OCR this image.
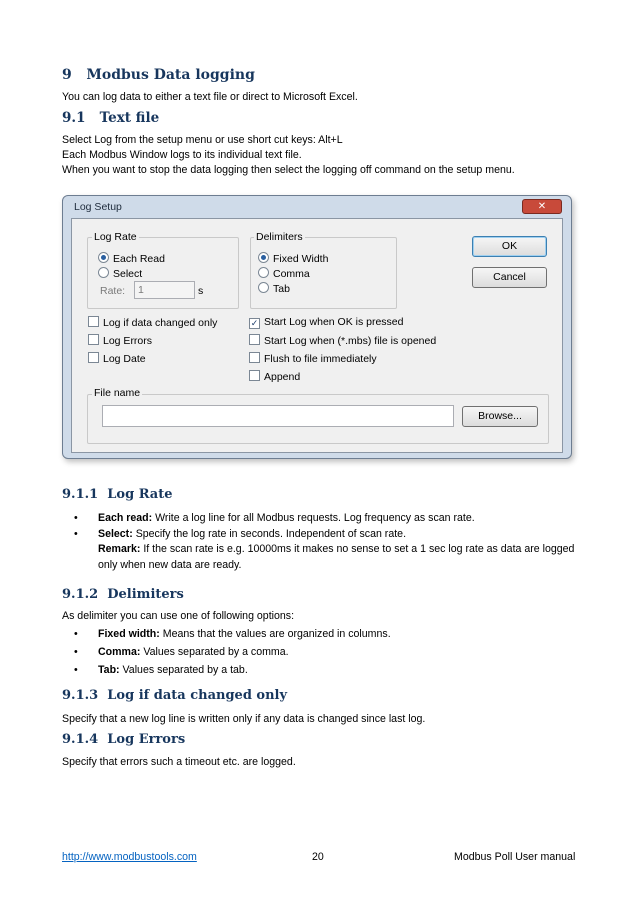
9 Modbus Data logging
You can log data to either a text file or direct to Microsoft Excel.
9.1 Text file
Select Log from the setup menu or use short cut keys: Alt+L
Each Modbus Window logs to its individual text file.
When you want to stop the data logging then select the logging off command on the setup menu.
Log Setup	✕
Log Rate
Each Read
Select
Rate:	1	s
Delimiters
Fixed Width
Comma
Tab
OK
Cancel
Log if data changed only
Log Errors
Log Date
✓ Start Log when OK is pressed
Start Log when (*.mbs) file is opened
Flush to file immediately
Append
File name
Browse...
9.1.1 Log Rate
• Each read: Write a log line for all Modbus requests. Log frequency as scan rate.
• Select: Specify the log rate in seconds. Independent of scan rate.
Remark: If the scan rate is e.g. 10000ms it makes no sense to set a 1 sec log rate as data are logged
only when new data are ready.
9.1.2 Delimiters
As delimiter you can use one of following options:
• Fixed width: Means that the values are organized in columns.
• Comma: Values separated by a comma.
• Tab: Values separated by a tab.
9.1.3 Log if data changed only
Specify that a new log line is written only if any data is changed since last log.
9.1.4 Log Errors
Specify that errors such a timeout etc. are logged.
http://www.modbustools.com	20	Modbus Poll User manual
